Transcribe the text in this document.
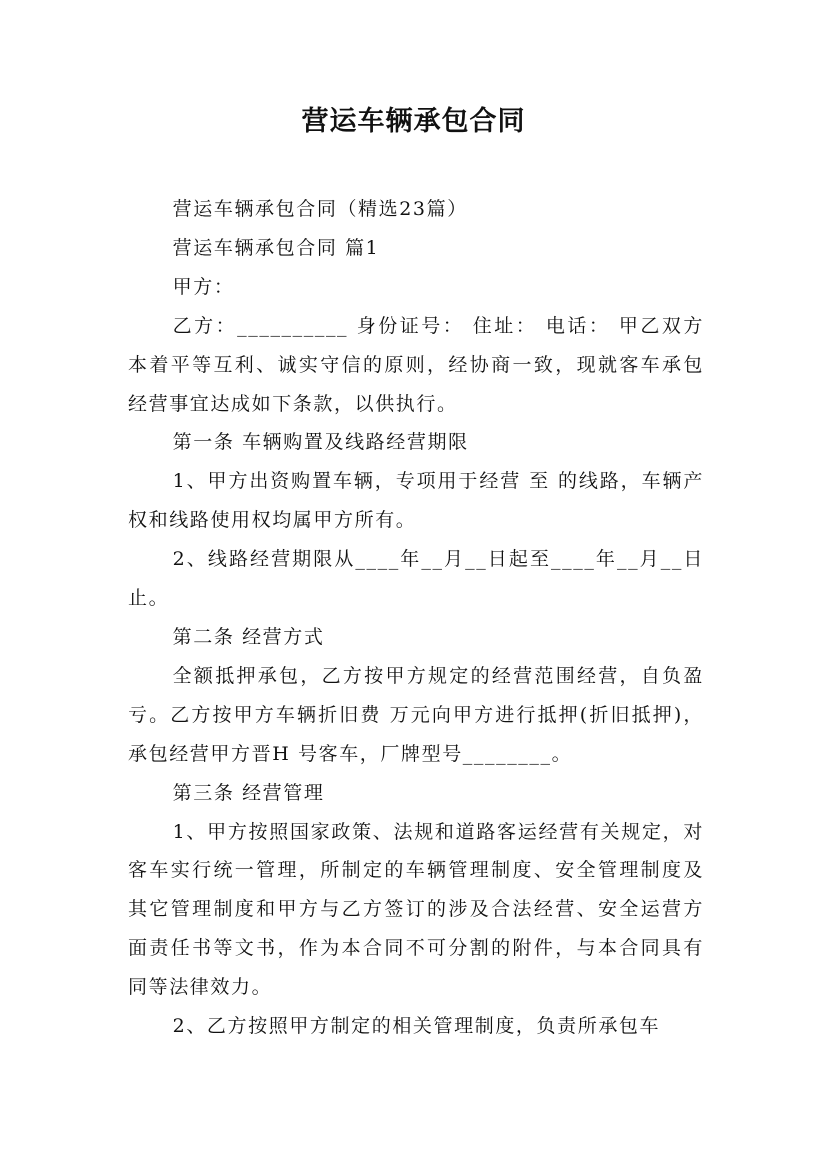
营运车辆承包合同

营运车辆承包合同（精选23篇）

营运车辆承包合同 篇1

甲方：

乙方：__________ 身份证号： 住址： 电话： 甲乙双方本着平等互利、诚实守信的原则，经协商一致，现就客车承包经营事宜达成如下条款，以供执行。

第一条 车辆购置及线路经营期限

1、甲方出资购置车辆，专项用于经营 至 的线路，车辆产权和线路使用权均属甲方所有。

2、线路经营期限从____年__月__日起至____年__月__日止。

第二条 经营方式

全额抵押承包，乙方按甲方规定的经营范围经营，自负盈亏。乙方按甲方车辆折旧费 万元向甲方进行抵押(折旧抵押)，承包经营甲方晋H 号客车，厂牌型号________。

第三条 经营管理

1、甲方按照国家政策、法规和道路客运经营有关规定，对客车实行统一管理，所制定的车辆管理制度、安全管理制度及其它管理制度和甲方与乙方签订的涉及合法经营、安全运营方面责任书等文书，作为本合同不可分割的附件，与本合同具有同等法律效力。

2、乙方按照甲方制定的相关管理制度，负责所承包车
